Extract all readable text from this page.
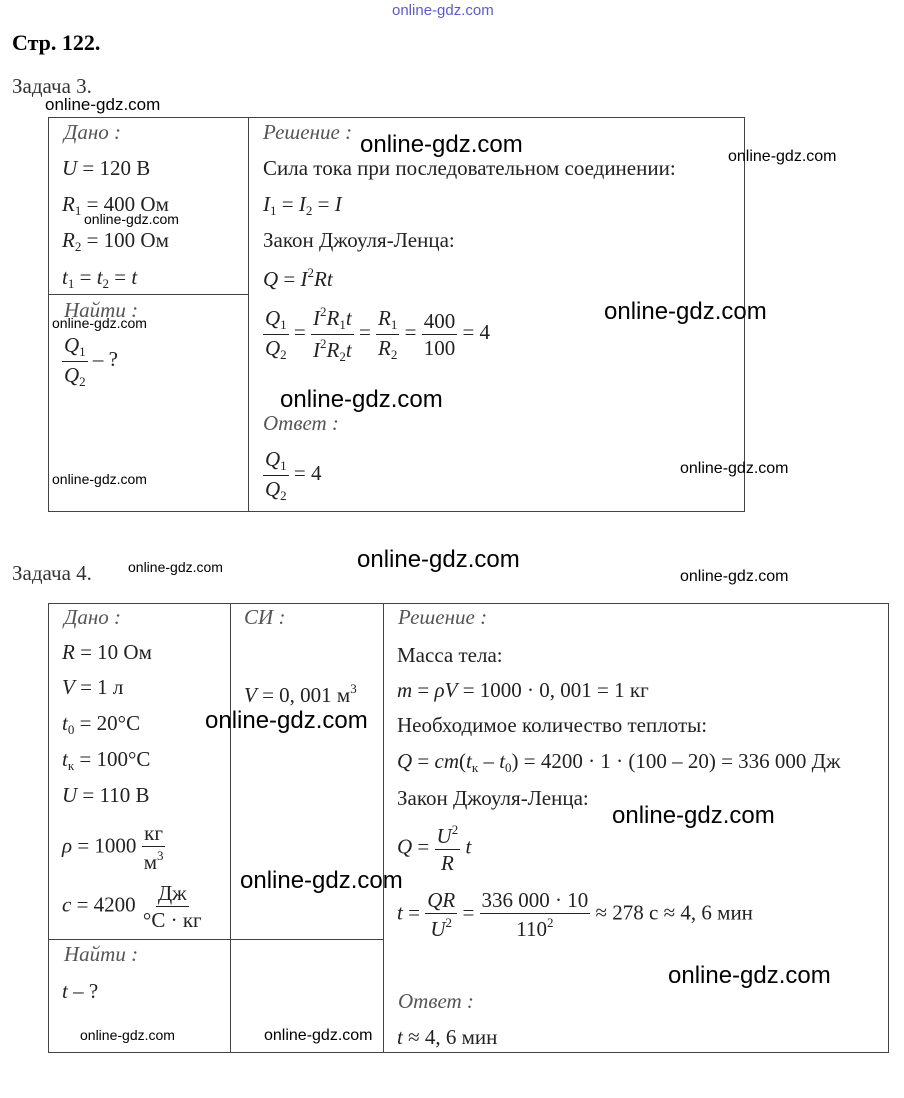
online-gdz.com
Стр. 122.
Задача 3.
Дано :
U = 120 В
$R_1 = 400$ Ом
$R_2 = 100$ Ом
$t_1 = t_2 = t$
Найти :
$\frac{Q_1}{Q_2}$ – ?
Решение :
Сила тока при последовательном соединении:
$I_1 = I_2 = I$
Закон Джоуля-Ленца:
$Q = I^2Rt$
$\frac{Q_1}{Q_2} = \frac{I^2R_1t}{I^2R_2t} = \frac{R_1}{R_2} = \frac{400}{100} = 4$
Ответ :
$\frac{Q_1}{Q_2} = 4$
Задача 4.
Дано :
R = 10 Ом
V = 1 л
$t_0 = 20^\circ C$
$t_к = 100^\circ C$
U = 110 В
$\rho = 1000 \frac{кг}{м^3}$
$c = 4200 \frac{Дж}{^\circ C \cdot кг}$
Найти :
t – ?
СИ :
V = 0, 001 $м^3$
Решение :
Масса тела:
m = ρV = 1000 · 0, 001 = 1 кг
Необходимое количество теплоты:
$Q = cm(t_к - t_0) = 4200 \cdot 1 \cdot (100 - 20) = 336$ 000 Дж
Закон Джоуля-Ленца:
$Q = \frac{U^2}{R}$ t
$t = \frac{QR}{U^2} = \frac{336 000 \cdot 10}{110^2} \approx 278$ с ≈ 4, 6 мин
Ответ :
t ≈ 4, 6 мин
online-gdz.com
online-gdz.com	online-gdz.com
online-gdz.com
online-gdz.com
online-gdz.com
online-gdz.com
online-gdz.com
online-gdz.com
online-gdz.com
online-gdz.com
online-gdz.com
online-gdz.com
online-gdz.com
online-gdz.com
online-gdz.com
online-gdz.com	online-gdz.com
